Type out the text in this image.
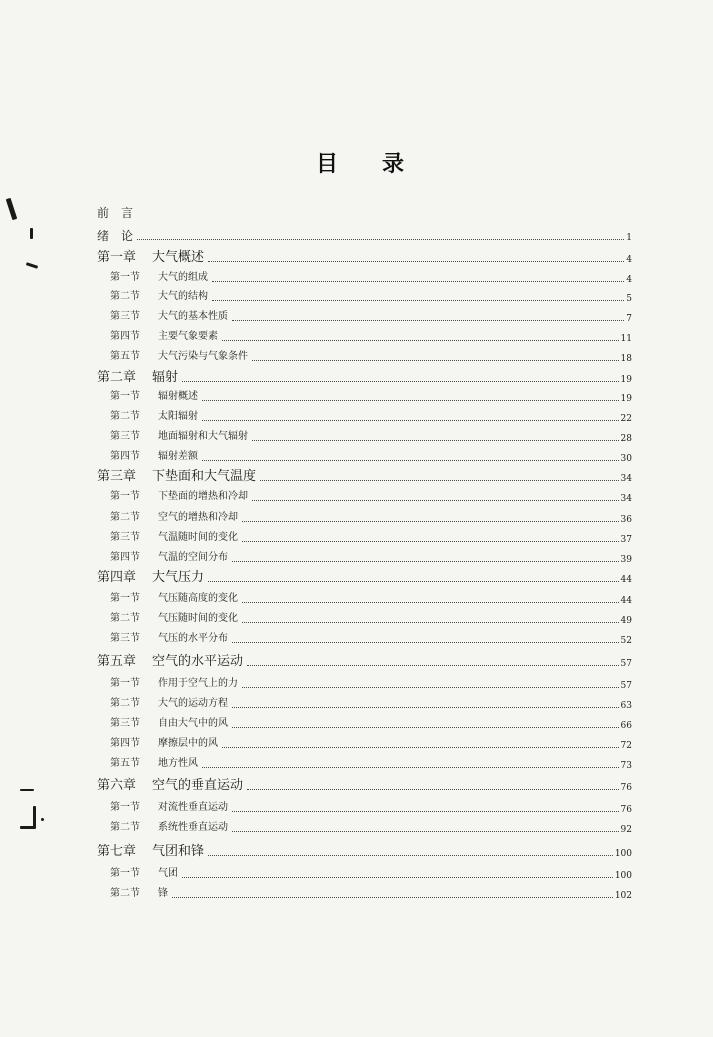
目　　录
前　言
绪　论	1
第一章	大气概述	4
第一节	大气的组成	4
第二节	大气的结构	5
第三节	大气的基本性质	7
第四节	主要气象要素	11
第五节	大气污染与气象条件	18
第二章	辐射	19
第一节	辐射概述	19
第二节	太阳辐射	22
第三节	地面辐射和大气辐射	28
第四节	辐射差额	30
第三章	下垫面和大气温度	34
第一节	下垫面的增热和冷却	34
第二节	空气的增热和冷却	36
第三节	气温随时间的变化	37
第四节	气温的空间分布	39
第四章	大气压力	44
第一节	气压随高度的变化	44
第二节	气压随时间的变化	49
第三节	气压的水平分布	52
第五章	空气的水平运动	57
第一节	作用于空气上的力	57
第二节	大气的运动方程	63
第三节	自由大气中的风	66
第四节	摩擦层中的风	72
第五节	地方性风	73
第六章	空气的垂直运动	76
第一节	对流性垂直运动	76
第二节	系统性垂直运动	92
第七章	气团和锋	100
第一节	气团	100
第二节	锋	102
